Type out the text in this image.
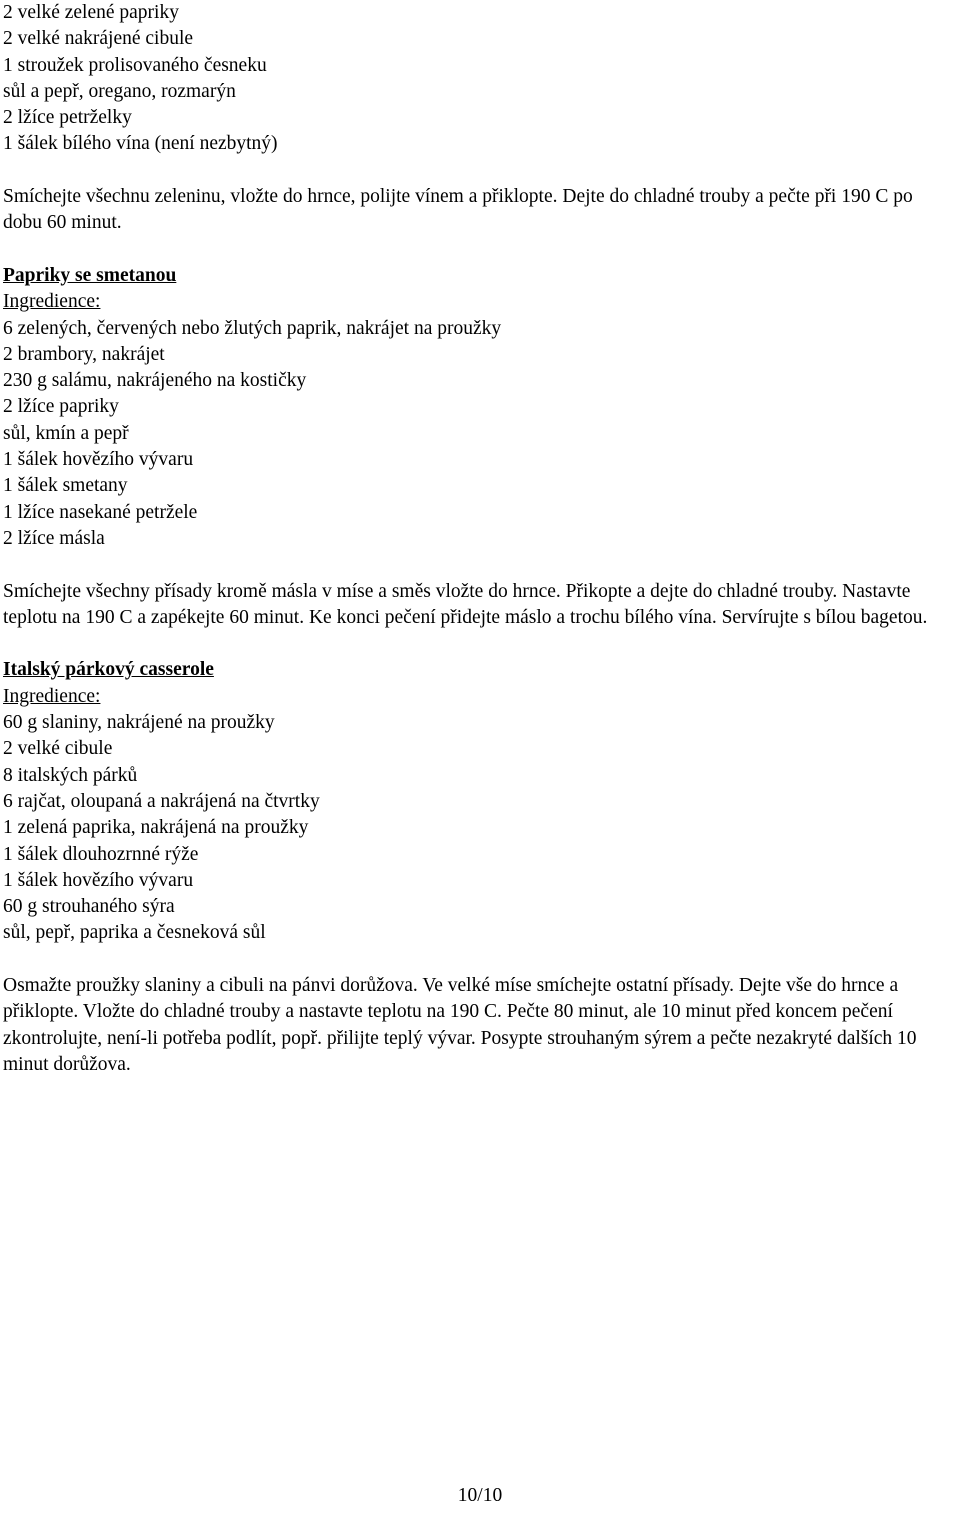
2 velké zelené papriky
2 velké nakrájené cibule
1 stroužek prolisovaného česneku
sůl a pepř, oregano, rozmarýn
2 lžíce petrželky
1 šálek bílého vína (není nezbytný)
Smíchejte všechnu zeleninu, vložte do hrnce, polijte vínem a přiklopte. Dejte do chladné trouby a pečte při 190 C po dobu 60 minut.
Papriky se smetanou
Ingredience:
6 zelených, červených nebo žlutých paprik, nakrájet na proužky
2 brambory, nakrájet
230 g salámu, nakrájeného na kostičky
2 lžíce papriky
sůl, kmín a pepř
1 šálek hovězího vývaru
1 šálek smetany
1 lžíce nasekané petržele
2 lžíce másla
Smíchejte všechny přísady kromě másla v míse a směs vložte do hrnce. Přikopte a dejte do chladné trouby. Nastavte teplotu na 190 C a zapékejte 60 minut. Ke konci pečení přidejte máslo a trochu bílého vína. Servírujte s bílou bagetou.
Italský párkový casserole
Ingredience:
60 g slaniny, nakrájené na proužky
2 velké cibule
8 italských párků
6 rajčat, oloupaná a nakrájená na čtvrtky
1 zelená paprika, nakrájená na proužky
1 šálek dlouhozrnné rýže
1 šálek hovězího vývaru
60 g strouhaného sýra
sůl, pepř, paprika a česneková sůl
Osmažte proužky slaniny a cibuli na pánvi dorůžova. Ve velké míse smíchejte ostatní přísady. Dejte vše do hrnce a přiklopte. Vložte do chladné trouby a nastavte teplotu na 190 C. Pečte 80 minut, ale 10 minut před koncem pečení zkontrolujte, není-li potřeba podlít, popř. přilijte teplý vývar. Posypte strouhaným sýrem a pečte nezakryté dalších 10 minut dorůžova.
10/10
